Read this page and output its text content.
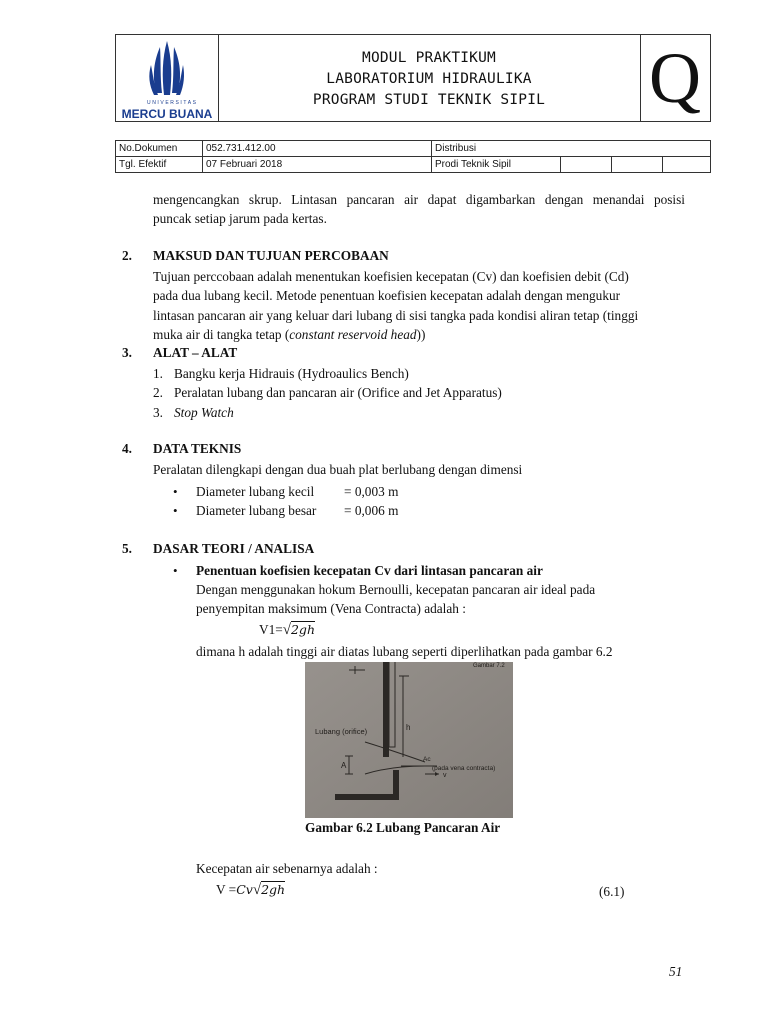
UNIVERSITAS
MERCU BUANA
MODUL PRAKTIKUM
LABORATORIUM HIDRAULIKA
PROGRAM STUDI TEKNIK SIPIL	Q
No.Dokumen	052.731.412.00	Distribusi			
Tgl. Efektif	07 Februari 2018	Prodi Teknik Sipil			
mengencangkan skrup. Lintasan pancaran air dapat digambarkan dengan menandai posisi
puncak setiap jarum pada kertas.
2. MAKSUD DAN TUJUAN PERCOBAAN
Tujuan perccobaan adalah menentukan koefisien kecepatan (Cv) dan koefisien debit (Cd)
pada dua lubang kecil. Metode penentuan koefisien kecepatan adalah dengan mengukur
lintasan pancaran air yang keluar dari lubang di sisi tangka pada kondisi aliran tetap (tinggi
muka air di tangka tetap (constant reservoid head))
3. ALAT – ALAT
1. Bangku kerja Hidrauis (Hydroaulics Bench)
2. Peralatan lubang dan pancaran air (Orifice and Jet Apparatus)
3. Stop Watch
4. DATA TEKNIS
Peralatan dilengkapi dengan dua buah plat berlubang dengan dimensi
• Diameter lubang kecil = 0,003 m
• Diameter lubang besar = 0,006 m
5. DASAR TEORI / ANALISA
• Penentuan koefisien kecepatan Cv dari lintasan pancaran air
Dengan menggunakan hokum Bernoulli, kecepatan pancaran air ideal pada
penyempitan maksimum (Vena Contracta) adalah :
V1=√2gh
dimana h adalah tinggi air diatas lubang seperti diperlihatkan pada gambar 6.2
h
A
Lubang (orifice)
Ac
(pada vena contracta)
v
Gambar 7.2
Gambar 6.2 Lubang Pancaran Air
Kecepatan air sebenarnya adalah :
V =Cv√2gh	(6.1)
51
